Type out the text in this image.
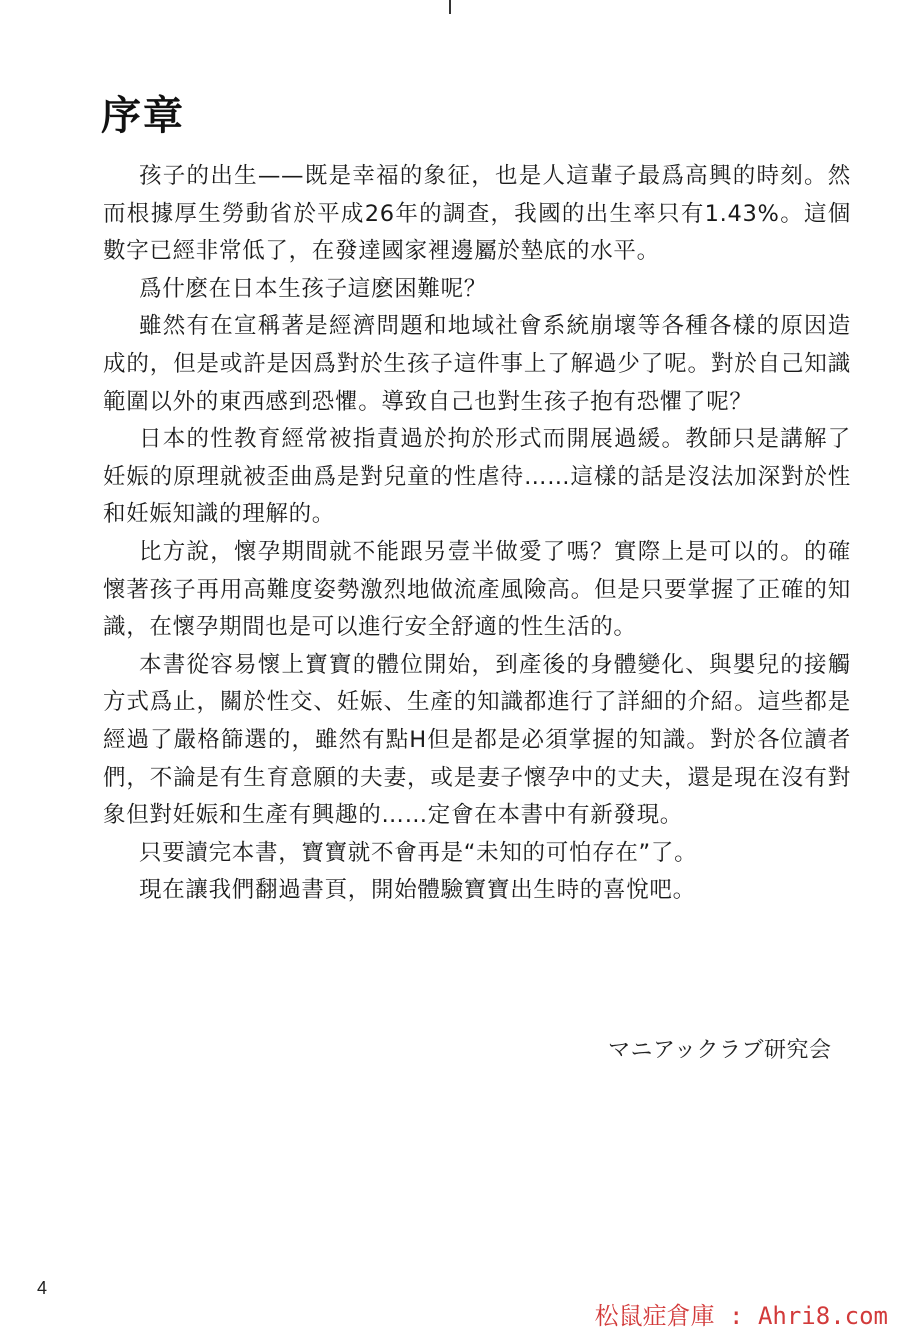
序章

孩子的出生——既是幸福的象征，也是人這輩子最爲高興的時刻。然而根據厚生勞動省於平成26年的調查，我國的出生率只有1.43%。這個數字已經非常低了，在發達國家裡邊屬於墊底的水平。

爲什麽在日本生孩子這麽困難呢？

雖然有在宣稱著是經濟問題和地域社會系統崩壞等各種各樣的原因造成的，但是或許是因爲對於生孩子這件事上了解過少了呢。對於自己知識範圍以外的東西感到恐懼。導致自己也對生孩子抱有恐懼了呢？

日本的性教育經常被指責過於拘於形式而開展過緩。教師只是講解了妊娠的原理就被歪曲爲是對兒童的性虐待……這樣的話是沒法加深對於性和妊娠知識的理解的。

比方說，懷孕期間就不能跟另壹半做愛了嗎？實際上是可以的。的確懷著孩子再用高難度姿勢激烈地做流產風險高。但是只要掌握了正確的知識，在懷孕期間也是可以進行安全舒適的性生活的。

本書從容易懷上寶寶的體位開始，到產後的身體變化、與嬰兒的接觸方式爲止，關於性交、妊娠、生產的知識都進行了詳細的介紹。這些都是經過了嚴格篩選的，雖然有點H但是都是必須掌握的知識。對於各位讀者們，不論是有生育意願的夫妻，或是妻子懷孕中的丈夫，還是現在沒有對象但對妊娠和生產有興趣的……定會在本書中有新發現。

只要讀完本書，寶寶就不會再是“未知的可怕存在”了。

現在讓我們翻過書頁，開始體驗寶寶出生時的喜悅吧。

マニアックラブ研究会
4
松鼠症倉庫 : Ahri8.com
